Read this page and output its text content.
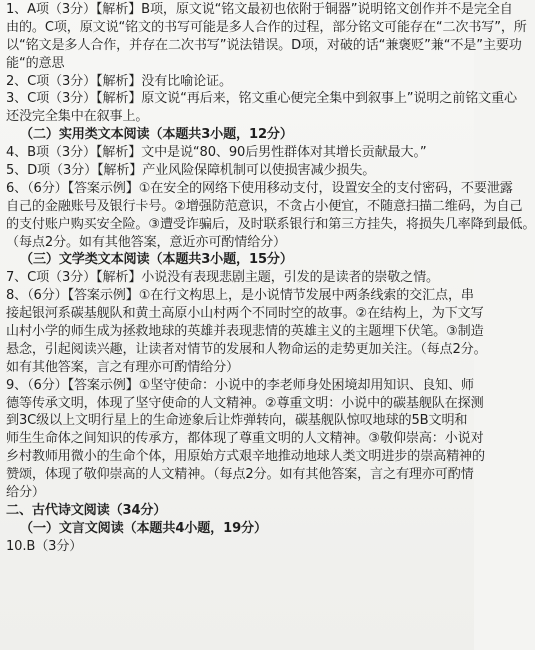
1、A项（3分）【解析】B项，原文说“铭文最初也依附于铜器”说明铭文创作并不是完全自
由的。C项，原文说“铭文的书写可能是多人合作的过程，部分铭文可能存在“二次书写”，所
以“铭文是多人合作，并存在二次书写”说法错误。D项，对破的话“兼褒贬”兼“不是”主要功
能“的意思
2、C项（3分）【解析】没有比喻论证。
3、C项（3分）【解析】原文说“再后来，铭文重心便完全集中到叙事上”说明之前铭文重心
还没完全集中在叙事上。
（二）实用类文本阅读（本题共3小题，12分）
4、B项（3分）【解析】文中是说“80、90后男性群体对其增长贡献最大。”
5、D项（3分）【解析】产业风险保障机制可以使损害减少损失。
6、（6分）【答案示例】①在安全的网络下使用移动支付，设置安全的支付密码，不要泄露
自己的金融账号及银行卡号。②增强防范意识，不贪占小便宜，不随意扫描二维码，为自己
的支付账户购买安全险。③遭受诈骗后，及时联系银行和第三方挂失，将损失几率降到最低。
（每点2分。如有其他答案，意近亦可酌情给分）
（三）文学类文本阅读（本题共3小题，15分）
7、C项（3分）【解析】小说没有表现悲剧主题，引发的是读者的崇敬之情。
8、（6分）【答案示例】①在行文构思上，是小说情节发展中两条线索的交汇点，串
接起银河系碳基舰队和黄土高原小山村两个不同时空的故事。②在结构上，为下文写
山村小学的师生成为拯救地球的英雄并表现悲情的英雄主义的主题埋下伏笔。③制造
悬念，引起阅读兴趣，让读者对情节的发展和人物命运的走势更加关注。（每点2分。
如有其他答案，言之有理亦可酌情给分）
9、（6分）【答案示例】①坚守使命：小说中的李老师身处困境却用知识、良知、师
德等传承文明，体现了坚守使命的人文精神。②尊重文明：小说中的碳基舰队在探测
到3C级以上文明行星上的生命迹象后让炸弹转向，碳基舰队惊叹地球的5B文明和
师生生命体之间知识的传承方，都体现了尊重文明的人文精神。③敬仰崇高：小说对
乡村教师用微小的生命个体，用原始方式艰辛地推动地球人类文明进步的崇高精神的
赞颂，体现了敬仰崇高的人文精神。（每点2分。如有其他答案，言之有理亦可酌情
给分）
二、古代诗文阅读（34分）
（一）文言文阅读（本题共4小题，19分）
10.B（3分）
